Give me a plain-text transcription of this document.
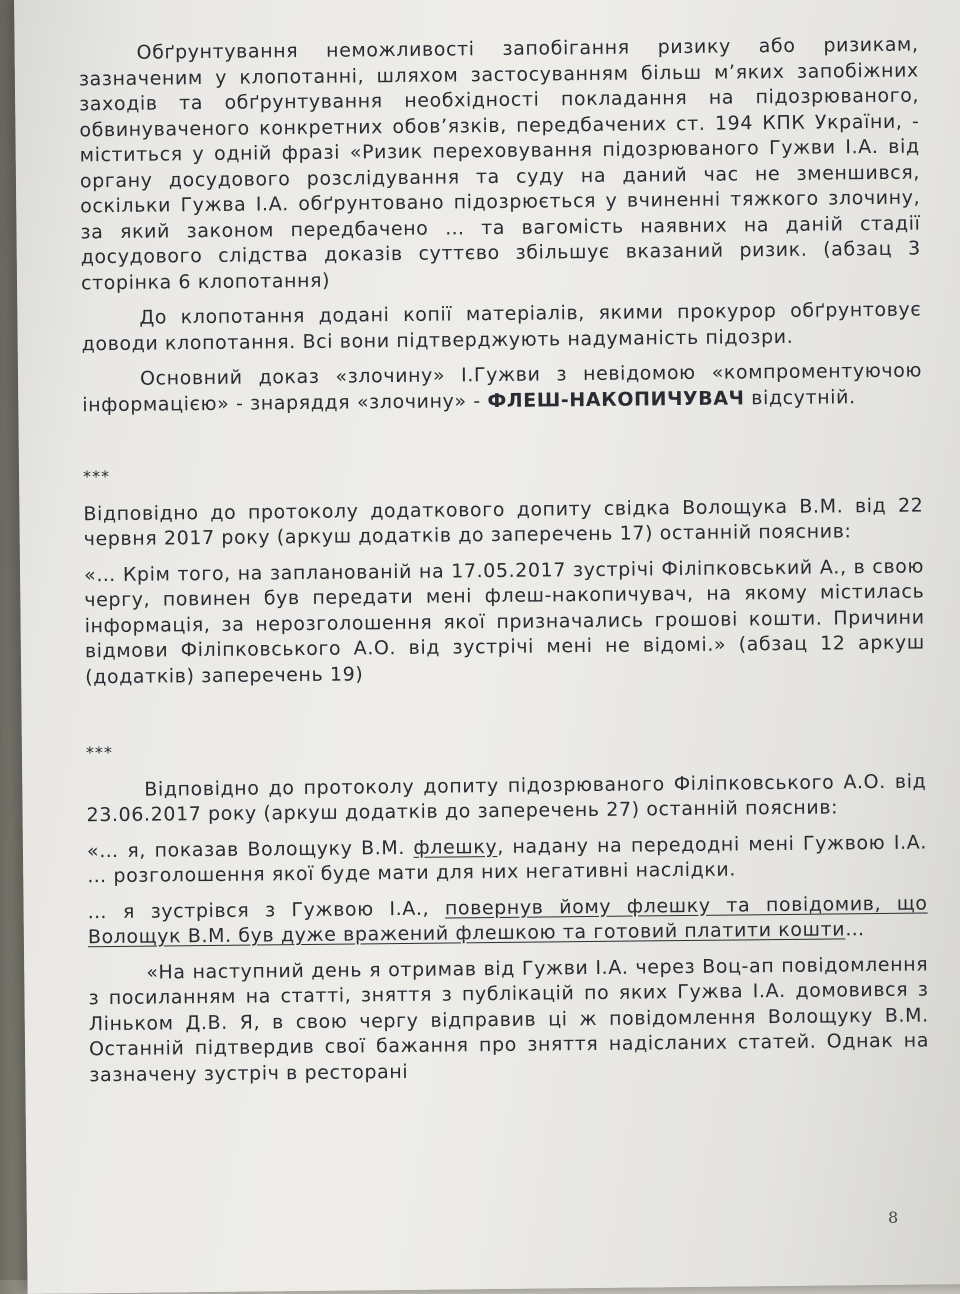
Обґрунтування неможливості запобігання ризику або ризикам, зазначеним у клопотанні, шляхом застосуванням більш м’яких запобіжних заходів та обґрунтування необхідності покладання на підозрюваного, обвинуваченого конкретних обов’язків, передбачених ст. 194 КПК України, - міститься у одній фразі «Ризик переховування підозрюваного Гужви І.А. від органу досудового розслідування та суду на даний час не зменшився, оскільки Гужва І.А. обґрунтовано підозрюється у вчиненні тяжкого злочину, за який законом передбачено … та вагомість наявних на даній стадії досудового слідства доказів суттєво збільшує вказаний ризик. (абзац 3 сторінка 6 клопотання)

До клопотання додані копії матеріалів, якими прокурор обґрунтовує доводи клопотання. Всі вони підтверджують надуманість підозри.

Основний доказ «злочину» І.Гужви з невідомою «компроментуючою інформацією» - знаряддя «злочину» - ФЛЕШ-НАКОПИЧУВАЧ відсутній.

***

Відповідно до протоколу додаткового допиту свідка Волощука В.М. від 22 червня 2017 року (аркуш додатків до заперечень 17) останній пояснив:

«… Крім того, на запланованій на 17.05.2017 зустрічі Філіпковський А., в свою чергу, повинен був передати мені флеш-накопичувач, на якому містилась інформація, за нерозголошення якої призначались грошові кошти. Причини відмови Філіпковського А.О. від зустрічі мені не відомі.» (абзац 12 аркуш (додатків) заперечень 19)

***

Відповідно до протоколу допиту підозрюваного Філіпковського А.О. від 23.06.2017 року (аркуш додатків до заперечень 27) останній пояснив:

«… я, показав Волощуку В.М. флешку, надану на передодні мені Гужвою І.А. … розголошення якої буде мати для них негативні наслідки.

… я зустрівся з Гужвою І.А., повернув йому флешку та повідомив, що Волощук В.М. був дуже вражений флешкою та готовий платити кошти…

«На наступний день я отримав від Гужви І.А. через Воц-ап повідомлення з посиланням на статті, зняття з публікацій по яких Гужва І.А. домовився з Ліньком Д.В. Я, в свою чергу відправив ці ж повідомлення Волощуку В.М. Останній підтвердив свої бажання про зняття надісланих статей. Однак на зазначену зустріч в ресторані

8
